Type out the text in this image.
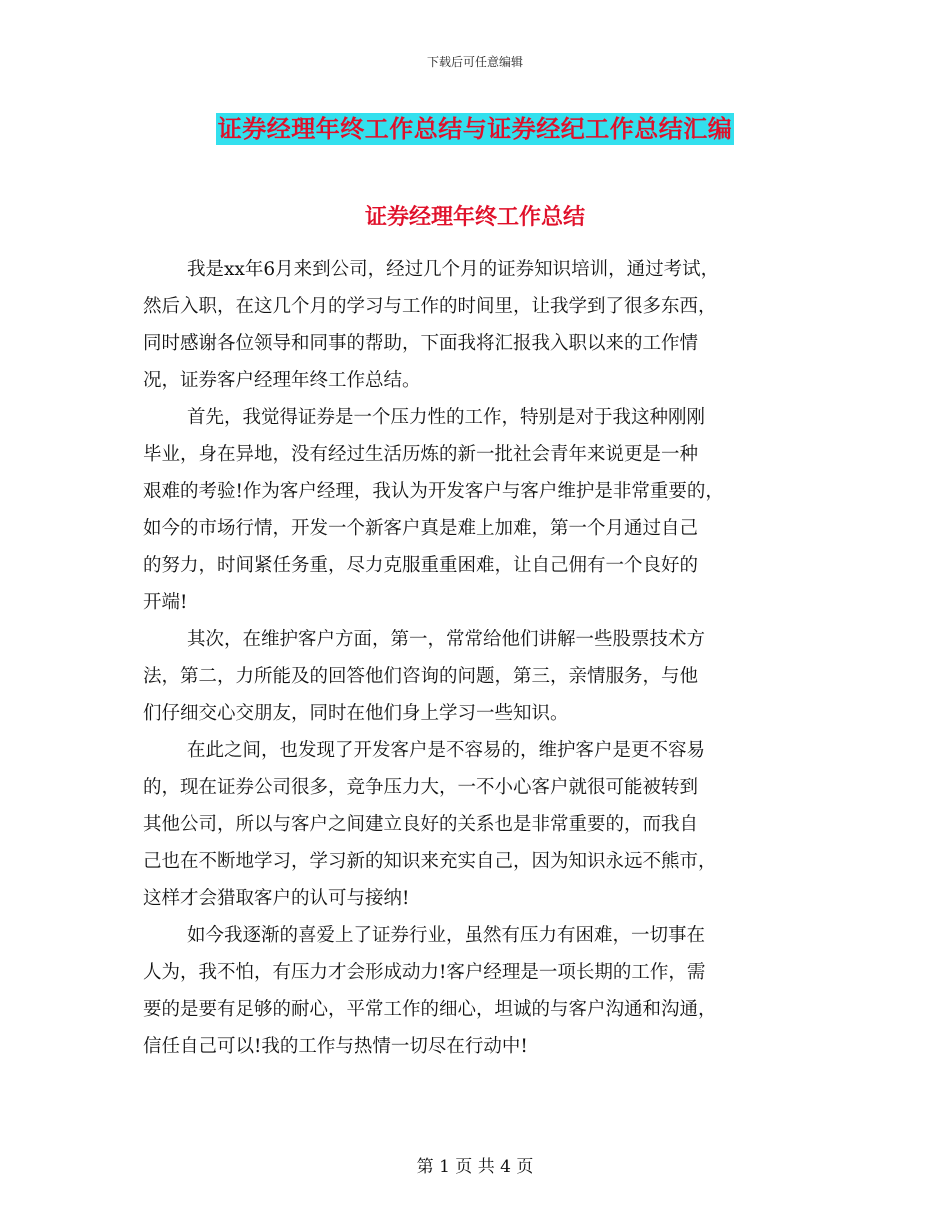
下载后可任意编辑
证券经理年终工作总结与证券经纪工作总结汇编
证券经理年终工作总结

我是xx年6月来到公司，经过几个月的证券知识培训，通过考试，

然后入职，在这几个月的学习与工作的时间里，让我学到了很多东西，

同时感谢各位领导和同事的帮助，下面我将汇报我入职以来的工作情

况，证券客户经理年终工作总结。

首先，我觉得证券是一个压力性的工作，特别是对于我这种刚刚

毕业，身在异地，没有经过生活历炼的新一批社会青年来说更是一种

艰难的考验!作为客户经理，我认为开发客户与客户维护是非常重要的，

如今的市场行情，开发一个新客户真是难上加难，第一个月通过自己

的努力，时间紧任务重，尽力克服重重困难，让自己佣有一个良好的

开端!

其次，在维护客户方面，第一，常常给他们讲解一些股票技术方

法，第二，力所能及的回答他们咨询的问题，第三，亲情服务，与他

们仔细交心交朋友，同时在他们身上学习一些知识。

在此之间，也发现了开发客户是不容易的，维护客户是更不容易

的，现在证券公司很多，竞争压力大，一不小心客户就很可能被转到

其他公司，所以与客户之间建立良好的关系也是非常重要的，而我自

己也在不断地学习，学习新的知识来充实自己，因为知识永远不熊市，

这样才会猎取客户的认可与接纳!

如今我逐渐的喜爱上了证券行业，虽然有压力有困难，一切事在

人为，我不怕，有压力才会形成动力!客户经理是一项长期的工作，需

要的是要有足够的耐心，平常工作的细心，坦诚的与客户沟通和沟通，

信任自己可以!我的工作与热情一切尽在行动中!

第 1 页 共 4 页
